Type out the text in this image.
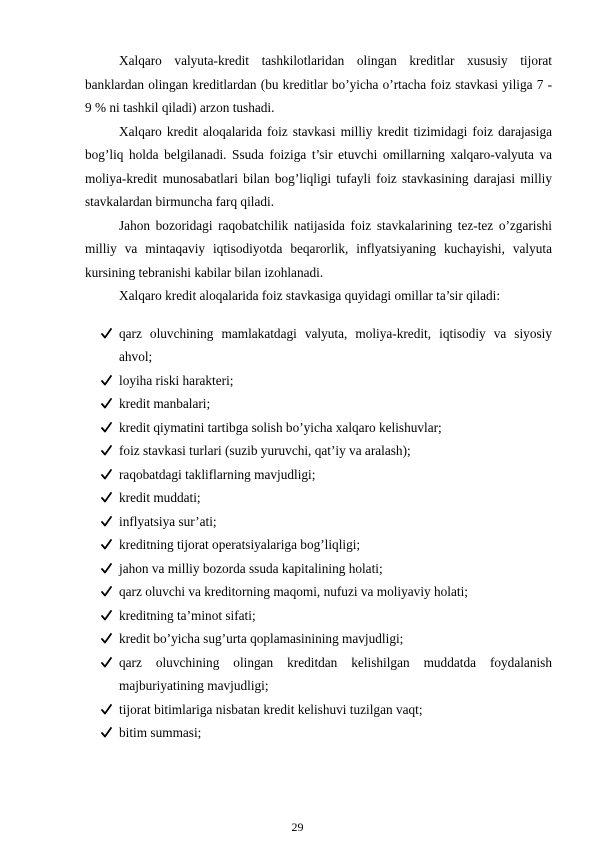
Xalqaro valyuta-kredit tashkilotlaridan olingan kreditlar xususiy tijorat banklardan olingan kreditlardan (bu kreditlar bo’yicha o’rtacha foiz stavkasi yiliga 7 - 9 % ni tashkil qiladi) arzon tushadi.

Xalqaro kredit aloqalarida foiz stavkasi milliy kredit tizimidagi foiz darajasiga bog’liq holda belgilanadi. Ssuda foiziga t’sir etuvchi omillarning xalqaro-valyuta va moliya-kredit munosabatlari bilan bog’liqligi tufayli foiz stavkasining darajasi milliy stavkalardan birmuncha farq qiladi.

Jahon bozoridagi raqobatchilik natijasida foiz stavkalarining tez-tez o’zgarishi milliy va mintaqaviy iqtisodiyotda beqarorlik, inflyatsiyaning kuchayishi, valyuta kursining tebranishi kabilar bilan izohlanadi.

Xalqaro kredit aloqalarida foiz stavkasiga quyidagi omillar ta’sir qiladi:

qarz oluvchining mamlakatdagi valyuta, moliya-kredit, iqtisodiy va siyosiy ahvol;
loyiha riski harakteri;
kredit manbalari;
kredit qiymatini tartibga solish bo’yicha xalqaro kelishuvlar;
foiz stavkasi turlari (suzib yuruvchi, qat’iy va aralash);
raqobatdagi takliflarning mavjudligi;
kredit muddati;
inflyatsiya sur’ati;
kreditning tijorat operatsiyalariga bog’liqligi;
jahon va milliy bozorda ssuda kapitalining holati;
qarz oluvchi va kreditorning maqomi, nufuzi va moliyaviy holati;
kreditning ta’minot sifati;
kredit bo’yicha sug’urta qoplamasinining mavjudligi;
qarz oluvchining olingan kreditdan kelishilgan muddatda foydalanish majburiyatining mavjudligi;
tijorat bitimlariga nisbatan kredit kelishuvi tuzilgan vaqt;
bitim summasi;
29
